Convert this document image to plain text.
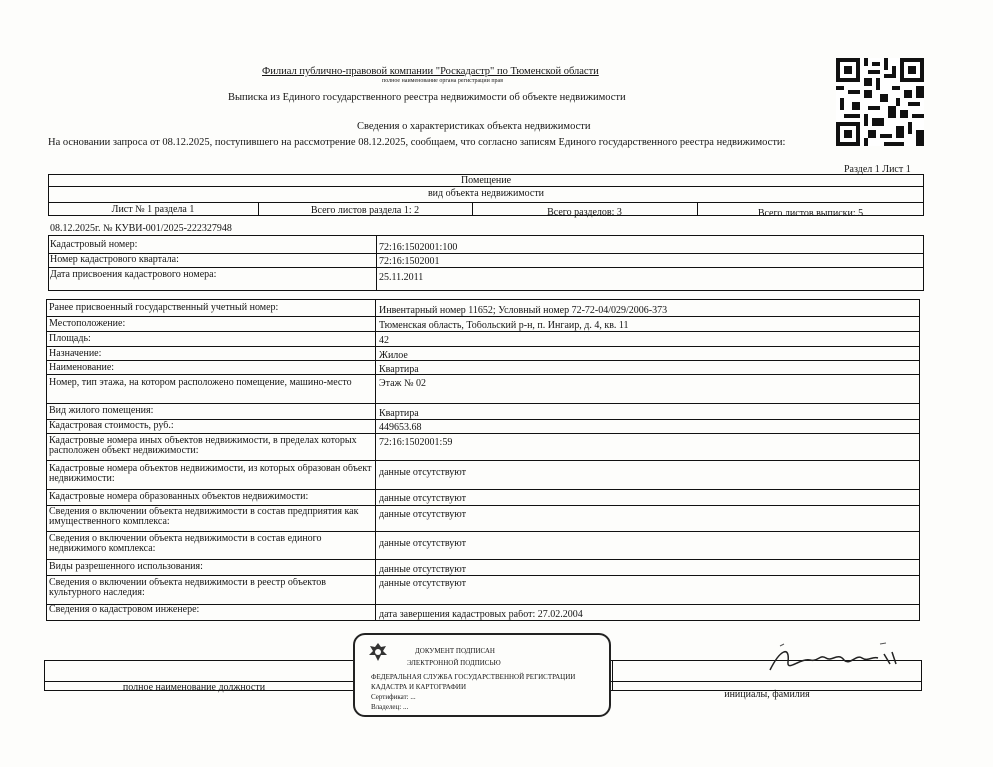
Филиал публично-правовой компании "Роскадастр" по Тюменской области
полное наименование органа регистрации прав
Выписка из Единого государственного реестра недвижимости об объекте недвижимости
Сведения о характеристиках объекта недвижимости
На основании запроса от 08.12.2025, поступившего на рассмотрение 08.12.2025, сообщаем, что согласно записям Единого государственного реестра недвижимости:
Раздел 1 Лист 1
Помещение
вид объекта недвижимости
Лист № 1 раздела 1	Всего листов раздела 1: 2	Всего разделов: 3	Всего листов выписки: 5
08.12.2025г. № КУВИ-001/2025-222327948
Кадастровый номер:	72:16:1502001:100
Номер кадастрового квартала:	72:16:1502001
Дата присвоения кадастрового номера:	25.11.2011
Ранее присвоенный государственный учетный номер:	Инвентарный номер 11652; Условный номер 72-72-04/029/2006-373
Местоположение:	Тюменская область, Тобольский р-н, п. Ингаир, д. 4, кв. 11
Площадь:	42
Назначение:	Жилое
Наименование:	Квартира
Номер, тип этажа, на котором расположено помещение, машино-место	Этаж № 02
Вид жилого помещения:	Квартира
Кадастровая стоимость, руб.:	449653.68
Кадастровые номера иных объектов недвижимости, в пределах которых расположен объект недвижимости:
72:16:1502001:59
Кадастровые номера объектов недвижимости, из которых образован объект недвижимости:
данные отсутствуют
Кадастровые номера образованных объектов недвижимости:	данные отсутствуют
Сведения о включении объекта недвижимости в состав предприятия как имущественного комплекса:
данные отсутствуют
Сведения о включении объекта недвижимости в состав единого недвижимого комплекса:	данные отсутствуют
Виды разрешенного использования:	данные отсутствуют
Сведения о включении объекта недвижимости в реестр объектов культурного наследия:
данные отсутствуют
Сведения о кадастровом инженере:	дата завершения кадастровых работ: 27.02.2004
полное наименование должности
инициалы, фамилия
ДОКУМЕНТ ПОДПИСАН
ЭЛЕКТРОННОЙ ПОДПИСЬЮ
ФЕДЕРАЛЬНАЯ СЛУЖБА ГОСУДАРСТВЕННОЙ РЕГИСТРАЦИИ
КАДАСТРА И КАРТОГРАФИИ
Сертификат: ...
Владелец: ...
